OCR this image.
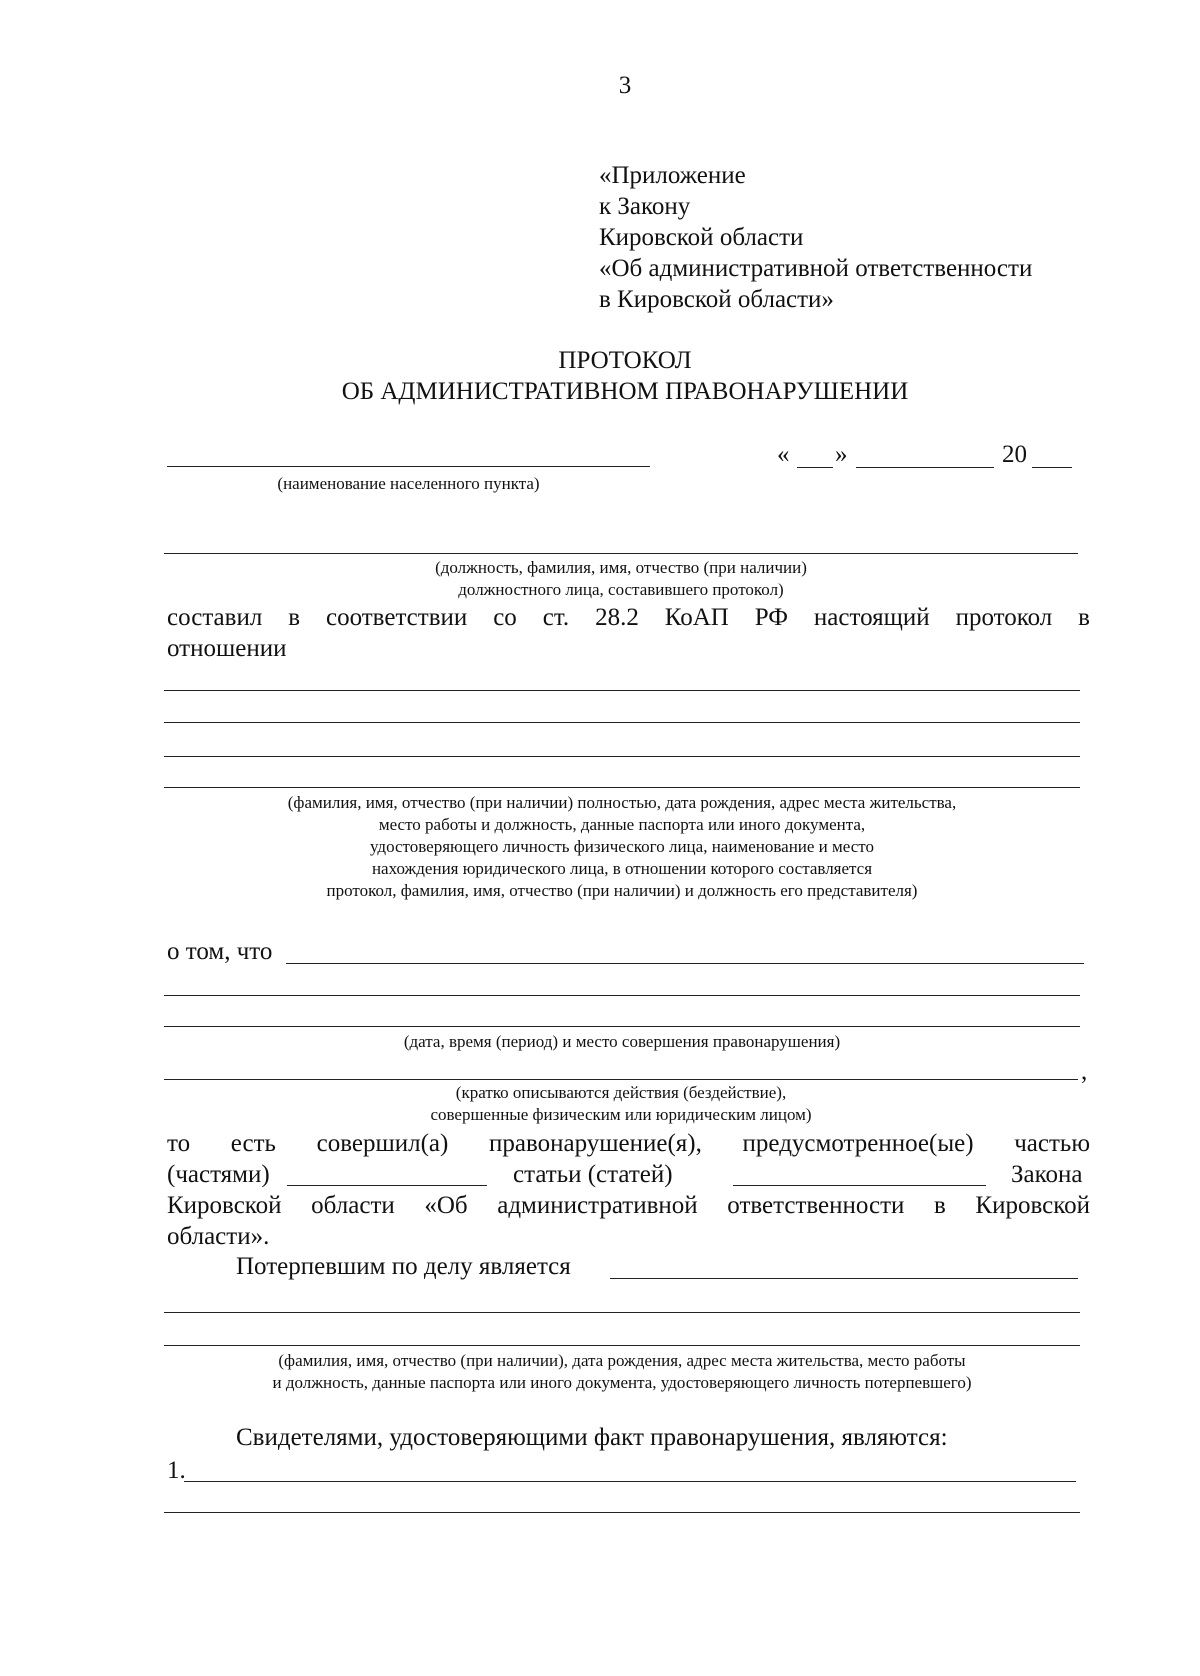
3
«Приложение
к Закону
Кировской области
«Об административной ответственности
в Кировской области»
ПРОТОКОЛ
ОБ АДМИНИСТРАТИВНОМ ПРАВОНАРУШЕНИИ
(наименование населенного пункта)
« »	20
(должность, фамилия, имя, отчество (при наличии)
должностного лица, составившего протокол)
составил в соответствии со ст. 28.2 КоАП РФ настоящий протокол в
отношении
(фамилия, имя, отчество (при наличии) полностью, дата рождения, адрес места жительства,
место работы и должность, данные паспорта или иного документа,
удостоверяющего личность физического лица, наименование и место
нахождения юридического лица, в отношении которого составляется
протокол, фамилия, имя, отчество (при наличии) и должность его представителя)
о том, что
(дата, время (период) и место совершения правонарушения)
,
(кратко описываются действия (бездействие),
совершенные физическим или юридическим лицом)
то есть совершил(а) правонарушение(я), предусмотренное(ые) частью
(частями)	статьи (статей)	Закона
Кировской области «Об административной ответственности в Кировской
области».
Потерпевшим по делу является
(фамилия, имя, отчество (при наличии), дата рождения, адрес места жительства, место работы
и должность, данные паспорта или иного документа, удостоверяющего личность потерпевшего)
Свидетелями, удостоверяющими факт правонарушения, являются:
1.
